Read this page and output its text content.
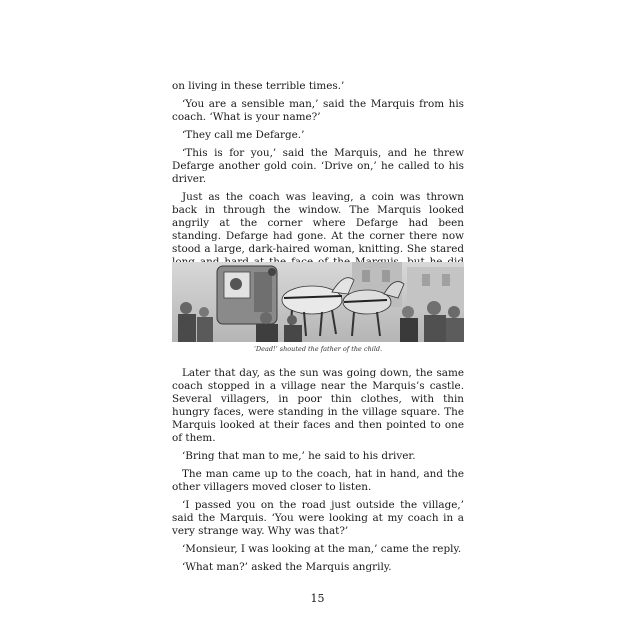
on living in these terrible times.’

‘You are a sensible man,’ said the Marquis from his coach. ‘What is your name?’

‘They call me Defarge.’

‘This is for you,’ said the Marquis, and he threw Defarge another gold coin. ‘Drive on,’ he called to his driver.

Just as the coach was leaving, a coin was thrown back in through the window. The Marquis looked angrily at the corner where Defarge had been standing. Defarge had gone. At the corner there now stood a large, dark-haired woman, knitting. She stared

‘Dead!’ shouted the father of the child.

Later that day, as the sun was going down, the same coach stopped in a village near the Marquis’s castle. Several villagers, in poor thin clothes, with thin hungry faces, were standing in the village square. The Marquis looked at their faces and then pointed to one of them.

‘Bring that man to me,’ he said to his driver.

The man came up to the coach, hat in hand, and the other villagers moved closer to listen.

‘I passed you on the road just outside the village,’ said the Marquis. ‘You were looking at my coach in a very strange way. Why was that?’

‘Monsieur, I was looking at the man,’ came the reply.

‘What man?’ asked the Marquis angrily.

15
